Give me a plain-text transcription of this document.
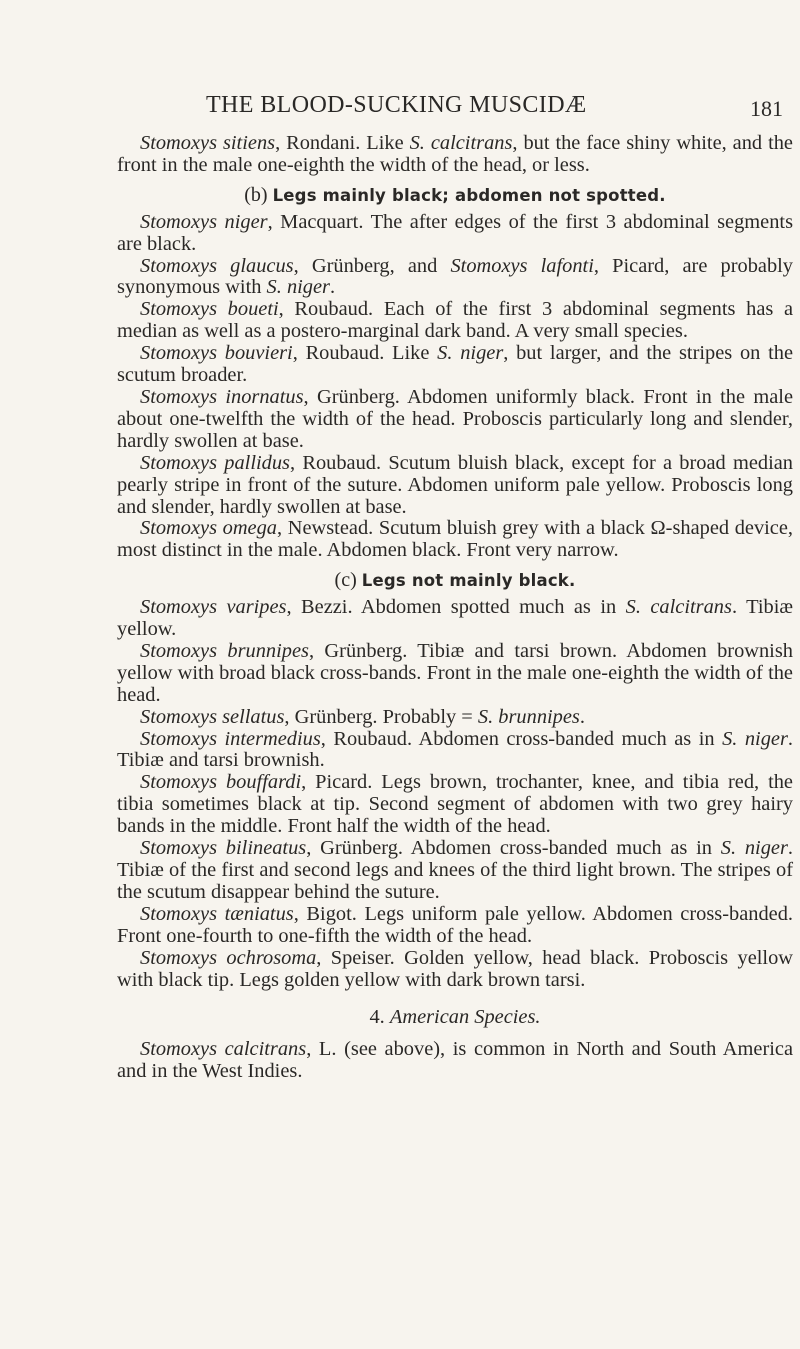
THE BLOOD-SUCKING MUSCIDÆ	181

Stomoxys sitiens, Rondani. Like S. calcitrans, but the face shiny white, and the front in the male one-eighth the width of the head, or less.

(b) Legs mainly black; abdomen not spotted.

Stomoxys niger, Macquart. The after edges of the first 3 abdominal segments are black.

Stomoxys glaucus, Grünberg, and Stomoxys lafonti, Picard, are probably synonymous with S. niger.

Stomoxys boueti, Roubaud. Each of the first 3 abdominal segments has a median as well as a postero-marginal dark band. A very small species.

Stomoxys bouvieri, Roubaud. Like S. niger, but larger, and the stripes on the scutum broader.

Stomoxys inornatus, Grünberg. Abdomen uniformly black. Front in the male about one-twelfth the width of the head. Proboscis particularly long and slender, hardly swollen at base.

Stomoxys pallidus, Roubaud. Scutum bluish black, except for a broad median pearly stripe in front of the suture. Abdomen uniform pale yellow. Proboscis long and slender, hardly swollen at base.

Stomoxys omega, Newstead. Scutum bluish grey with a black Ω-shaped device, most distinct in the male. Abdomen black. Front very narrow.

(c) Legs not mainly black.

Stomoxys varipes, Bezzi. Abdomen spotted much as in S. calcitrans. Tibiæ yellow.

Stomoxys brunnipes, Grünberg. Tibiæ and tarsi brown. Abdomen brownish yellow with broad black cross-bands. Front in the male one-eighth the width of the head.

Stomoxys sellatus, Grünberg. Probably = S. brunnipes.

Stomoxys intermedius, Roubaud. Abdomen cross-banded much as in S. niger. Tibiæ and tarsi brownish.

Stomoxys bouffardi, Picard. Legs brown, trochanter, knee, and tibia red, the tibia sometimes black at tip. Second segment of abdomen with two grey hairy bands in the middle. Front half the width of the head.

Stomoxys bilineatus, Grünberg. Abdomen cross-banded much as in S. niger. Tibiæ of the first and second legs and knees of the third light brown. The stripes of the scutum disappear behind the suture.

Stomoxys tæniatus, Bigot. Legs uniform pale yellow. Abdomen cross-banded. Front one-fourth to one-fifth the width of the head.

Stomoxys ochrosoma, Speiser. Golden yellow, head black. Proboscis yellow with black tip. Legs golden yellow with dark brown tarsi.

4. American Species.

Stomoxys calcitrans, L. (see above), is common in North and South America and in the West Indies.
